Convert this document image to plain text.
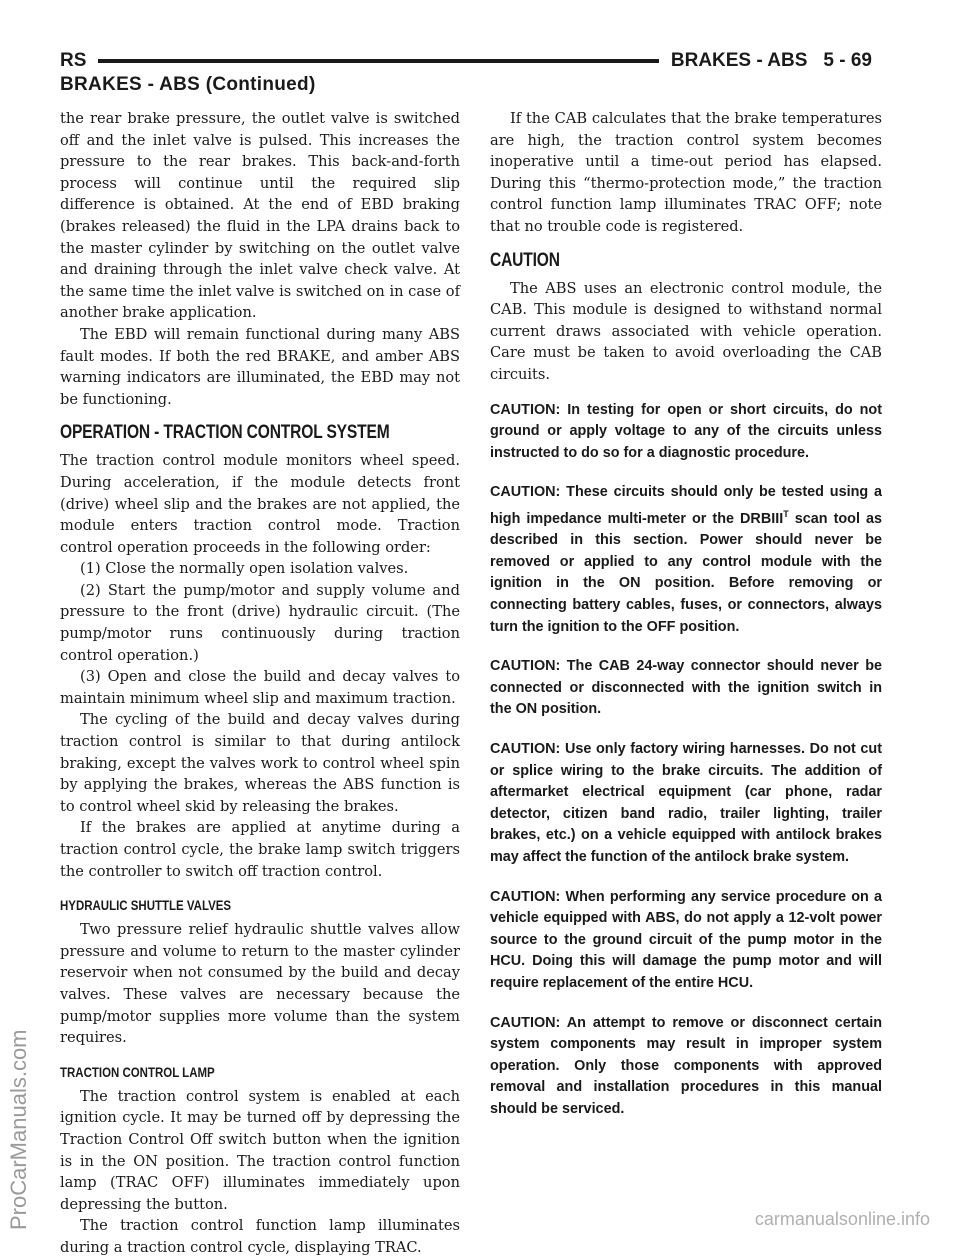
RS	BRAKES - ABS 5 - 69
BRAKES - ABS (Continued)

the rear brake pressure, the outlet valve is switched off and the inlet valve is pulsed. This increases the pressure to the rear brakes. This back-and-forth process will continue until the required slip difference is obtained. At the end of EBD braking (brakes released) the fluid in the LPA drains back to the master cylinder by switching on the outlet valve and draining through the inlet valve check valve. At the same time the inlet valve is switched on in case of another brake application.

The EBD will remain functional during many ABS fault modes. If both the red BRAKE, and amber ABS warning indicators are illuminated, the EBD may not be functioning.

OPERATION - TRACTION CONTROL SYSTEM

The traction control module monitors wheel speed. During acceleration, if the module detects front (drive) wheel slip and the brakes are not applied, the module enters traction control mode. Traction control operation proceeds in the following order:

(1) Close the normally open isolation valves.

(2) Start the pump/motor and supply volume and pressure to the front (drive) hydraulic circuit. (The pump/motor runs continuously during traction control operation.)

(3) Open and close the build and decay valves to maintain minimum wheel slip and maximum traction.

The cycling of the build and decay valves during traction control is similar to that during antilock braking, except the valves work to control wheel spin by applying the brakes, whereas the ABS function is to control wheel skid by releasing the brakes.

If the brakes are applied at anytime during a traction control cycle, the brake lamp switch triggers the controller to switch off traction control.

HYDRAULIC SHUTTLE VALVES

Two pressure relief hydraulic shuttle valves allow pressure and volume to return to the master cylinder reservoir when not consumed by the build and decay valves. These valves are necessary because the pump/motor supplies more volume than the system requires.

TRACTION CONTROL LAMP

The traction control system is enabled at each ignition cycle. It may be turned off by depressing the Traction Control Off switch button when the ignition is in the ON position. The traction control function lamp (TRAC OFF) illuminates immediately upon depressing the button.

The traction control function lamp illuminates during a traction control cycle, displaying TRAC.

If the CAB calculates that the brake temperatures are high, the traction control system becomes inoperative until a time-out period has elapsed. During this “thermo-protection mode,” the traction control function lamp illuminates TRAC OFF; note that no trouble code is registered.

CAUTION

The ABS uses an electronic control module, the CAB. This module is designed to withstand normal current draws associated with vehicle operation. Care must be taken to avoid overloading the CAB circuits.

CAUTION: In testing for open or short circuits, do not ground or apply voltage to any of the circuits unless instructed to do so for a diagnostic procedure.
CAUTION: These circuits should only be tested using a high impedance multi-meter or the $DRBIII^T$ scan tool as described in this section. Power should never be removed or applied to any control module with the ignition in the ON position. Before removing or connecting battery cables, fuses, or connectors, always turn the ignition to the OFF position.
CAUTION: The CAB 24-way connector should never be connected or disconnected with the ignition switch in the ON position.
CAUTION: Use only factory wiring harnesses. Do not cut or splice wiring to the brake circuits. The addition of aftermarket electrical equipment (car phone, radar detector, citizen band radio, trailer lighting, trailer brakes, etc.) on a vehicle equipped with antilock brakes may affect the function of the antilock brake system.
CAUTION: When performing any service procedure on a vehicle equipped with ABS, do not apply a 12-volt power source to the ground circuit of the pump motor in the HCU. Doing this will damage the pump motor and will require replacement of the entire HCU.
CAUTION: An attempt to remove or disconnect certain system components may result in improper system operation. Only those components with approved removal and installation procedures in this manual should be serviced.
ProCarManuals.com	carmanualsonline.info
